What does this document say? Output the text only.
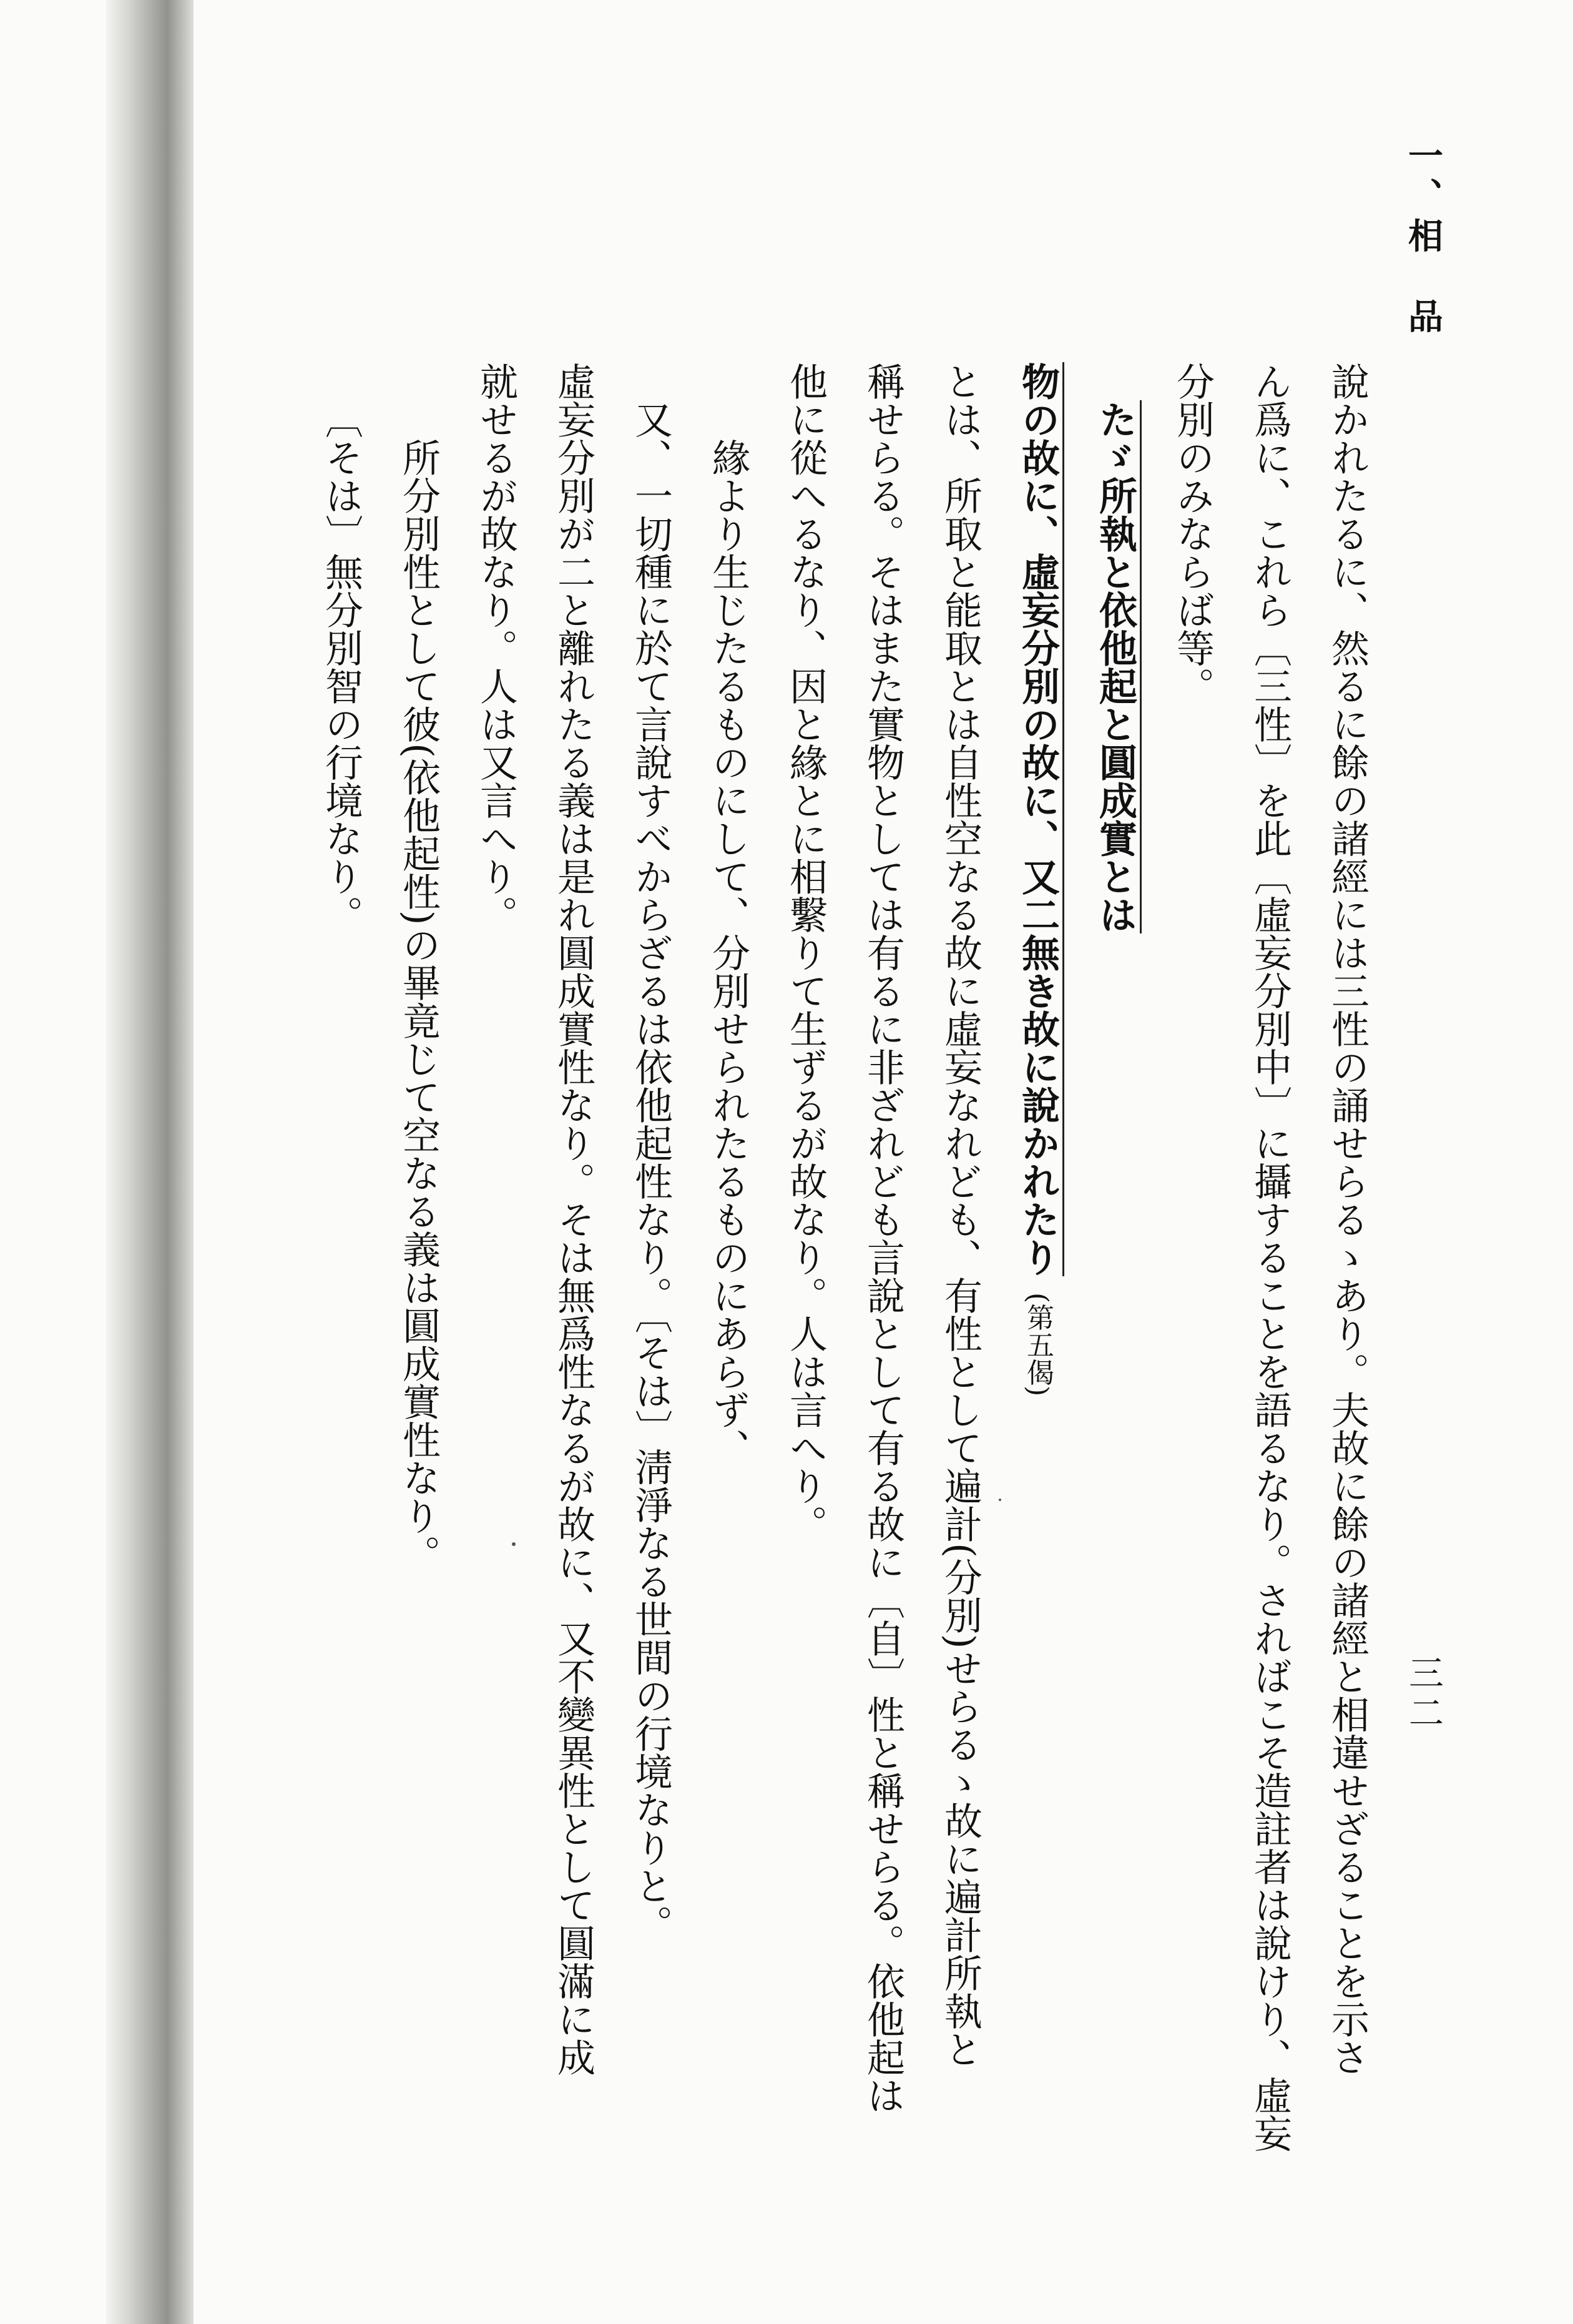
一、相　品
三二
說かれたるに、然るに餘の諸經には三性の誦せらるゝあり。夫故に餘の諸經と相違せざることを示さ
ん爲に、これら〔三性〕を此〔虛妄分別中〕に攝することを語るなり。さればこそ造註者は說けり、虛妄
分別のみならば等。
たゞ所執と依他起と圓成實とは
物の故に、虛妄分別の故に、又二無き故に說かれたり(第五偈)
とは、所取と能取とは自性空なる故に虛妄なれども、有性として遍計(分別)せらるゝ故に遍計所執と
稱せらる。そはまた實物としては有るに非ざれども言說として有る故に〔自〕性と稱せらる。依他起は
他に從へるなり、因と緣とに相繫りて生ずるが故なり。人は言へり。
緣より生じたるものにして、分別せられたるものにあらず、
又、一切種に於て言說すべからざるは依他起性なり。〔そは〕淸淨なる世間の行境なりと。
虛妄分別が二と離れたる義は是れ圓成實性なり。そは無爲性なるが故に、又不變異性として圓滿に成
就せるが故なり。人は又言へり。
所分別性として彼(依他起性)の畢竟じて空なる義は圓成實性なり。
〔そは〕無分別智の行境なり。
